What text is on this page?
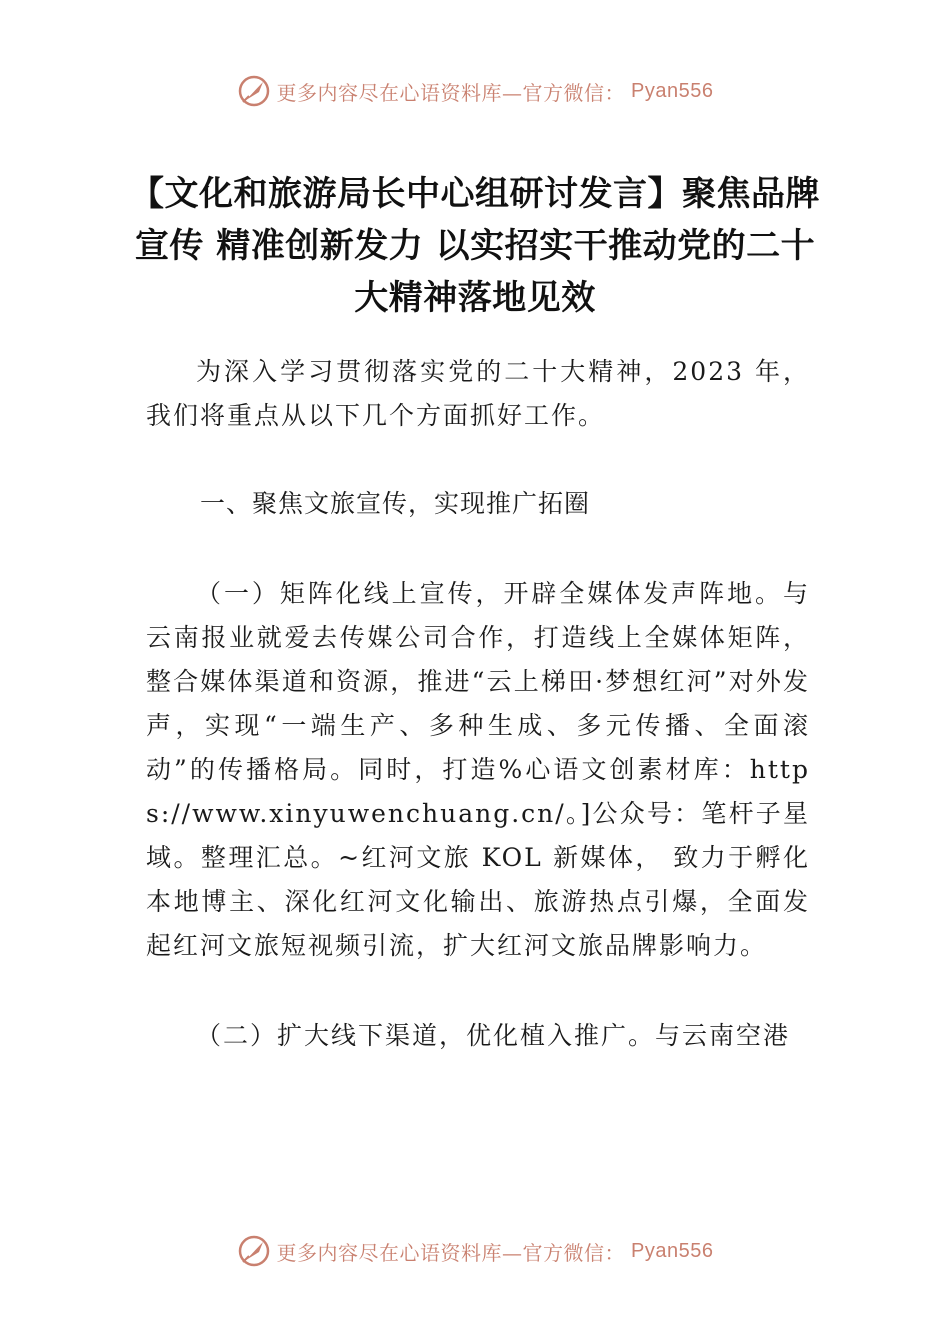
更多内容尽在心语资料库—官方微信： Pyan556
【文化和旅游局长中心组研讨发言】聚焦品牌宣传 精准创新发力 以实招实干推动党的二十大精神落地见效
为深入学习贯彻落实党的二十大精神，2023 年，我们将重点从以下几个方面抓好工作。
一、聚焦文旅宣传，实现推广拓圈
（一）矩阵化线上宣传，开辟全媒体发声阵地。与云南报业就爱去传媒公司合作，打造线上全媒体矩阵，整合媒体渠道和资源，推进“云上梯田·梦想红河”对外发声，实现“一端生产、多种生成、多元传播、全面滚动”的传播格局。同时，打造%心语文创素材库：https://www.xinyuwenchuang.cn/。]公众号：笔杆子星域。整理汇总。~红河文旅 KOL 新媒体， 致力于孵化本地博主、深化红河文化输出、旅游热点引爆，全面发起红河文旅短视频引流，扩大红河文旅品牌影响力。
（二）扩大线下渠道，优化植入推广。与云南空港
更多内容尽在心语资料库—官方微信： Pyan556
